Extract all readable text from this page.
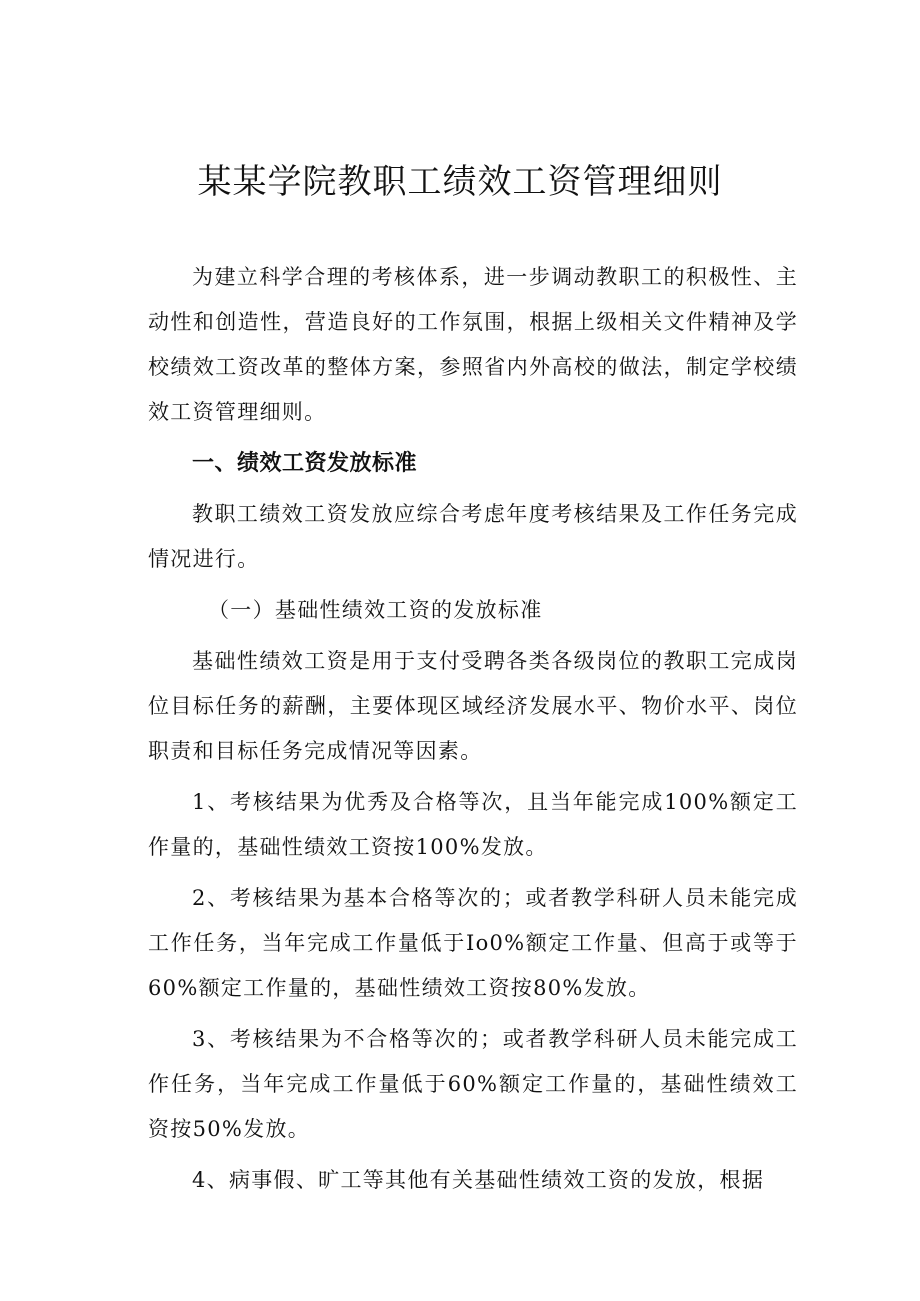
某某学院教职工绩效工资管理细则

为建立科学合理的考核体系，进一步调动教职工的积极性、主动性和创造性，营造良好的工作氛围，根据上级相关文件精神及学校绩效工资改革的整体方案，参照省内外高校的做法，制定学校绩效工资管理细则。

一、绩效工资发放标准

教职工绩效工资发放应综合考虑年度考核结果及工作任务完成情况进行。

（一）基础性绩效工资的发放标准

基础性绩效工资是用于支付受聘各类各级岗位的教职工完成岗位目标任务的薪酬，主要体现区域经济发展水平、物价水平、岗位职责和目标任务完成情况等因素。

1、考核结果为优秀及合格等次，且当年能完成100%额定工作量的，基础性绩效工资按100%发放。

2、考核结果为基本合格等次的；或者教学科研人员未能完成工作任务，当年完成工作量低于Io0%额定工作量、但高于或等于60%额定工作量的，基础性绩效工资按80%发放。

3、考核结果为不合格等次的；或者教学科研人员未能完成工作任务，当年完成工作量低于60%额定工作量的，基础性绩效工资按50%发放。

4、病事假、旷工等其他有关基础性绩效工资的发放，根据
